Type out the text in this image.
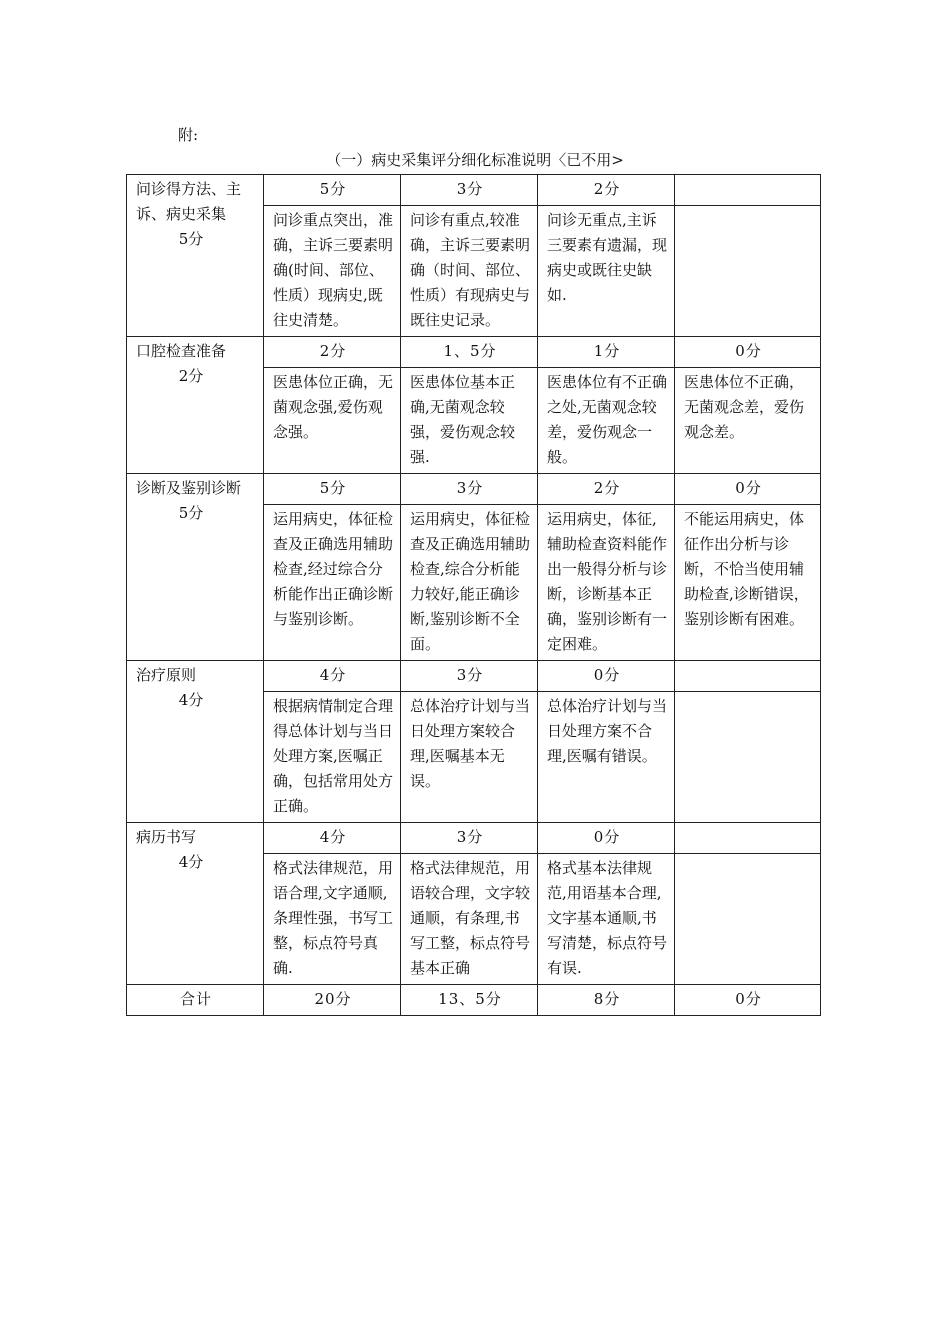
附:
（一）病史采集评分细化标准说明〈已不用>
问诊得方法、主诉、病史采集
5分	5分	3分	2分	
	问诊重点突出，准确，主诉三要素明确(时间、部位、性质）现病史,既往史清楚。	问诊有重点,较准确，主诉三要素明确（时间、部位、性质）有现病史与既往史记录。	问诊无重点,主诉三要素有遗漏，现病史或既往史缺如.	
口腔检查准备
2分	2分	1、5分	1分	0分
	医患体位正确，无菌观念强,爱伤观念强。	医患体位基本正确,无菌观念较强，爱伤观念较强.	医患体位有不正确之处,无菌观念较差，爱伤观念一般。	医患体位不正确，无菌观念差，爱伤观念差。
诊断及鉴别诊断
5分	5分	3分	2分	0分
	运用病史，体征检查及正确选用辅助检查,经过综合分析能作出正确诊断与鉴别诊断。	运用病史，体征检查及正确选用辅助检查,综合分析能力较好,能正确诊断,鉴别诊断不全面。	运用病史，体征,辅助检查资料能作出一般得分析与诊断，诊断基本正确，鉴别诊断有一定困难。	不能运用病史，体征作出分析与诊断，不恰当使用辅助检查,诊断错误，鉴别诊断有困难。
治疗原则
4分	4分	3分	0分	
	根据病情制定合理得总体计划与当日处理方案,医嘱正确，包括常用处方正确。	总体治疗计划与当日处理方案较合理,医嘱基本无误。	总体治疗计划与当日处理方案不合理,医嘱有错误。	
病历书写
4分	4分	3分	0分	
	格式法律规范，用语合理,文字通顺,条理性强，书写工整，标点符号真确.	格式法律规范，用语较合理，文字较通顺，有条理,书写工整，标点符号基本正确	格式基本法律规范,用语基本合理,文字基本通顺,书写清楚，标点符号有误.	
合计	20分	13、5分	8分	0分
